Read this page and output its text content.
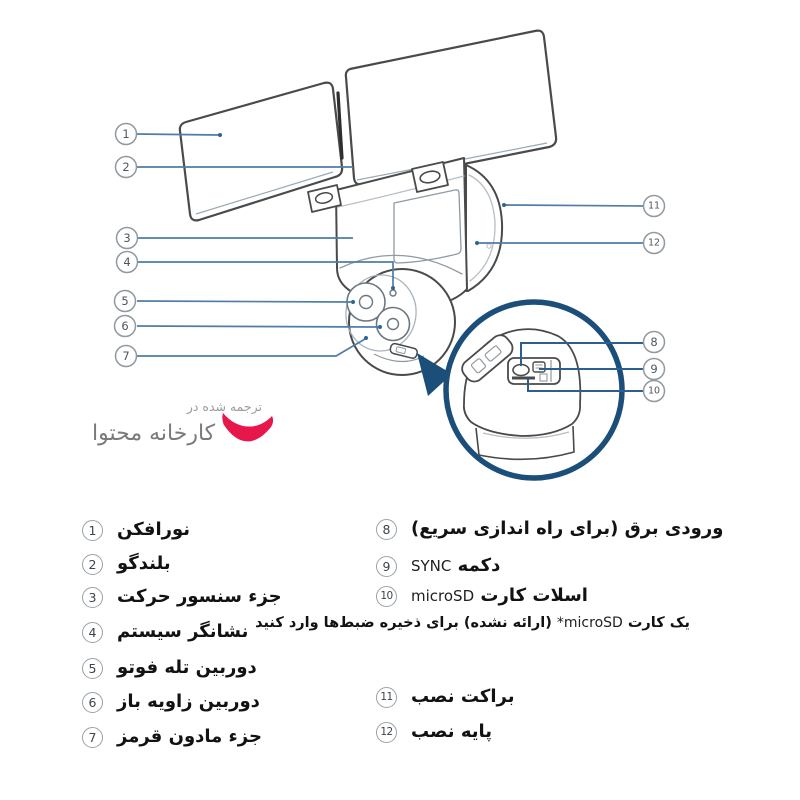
1
2
3
4
5
6
7
8
9
10
11
12
ترجمه شده در
کارخانه محتوا
1	نورافکن
2	بلندگو
3	جزء سنسور حرکت
4	نشانگر سیستم
5	دوربین تله فوتو
6	دوربین زاویه باز
7	جزء مادون قرمز
8	ورودی برق (برای راه اندازی سریع)
9	دکمه SYNC
10	اسلات کارت microSD
یک کارت microSD* (ارائه نشده) برای ذخیره ضبط‌ها وارد کنید
11 براکت نصب
12 پایه نصب
